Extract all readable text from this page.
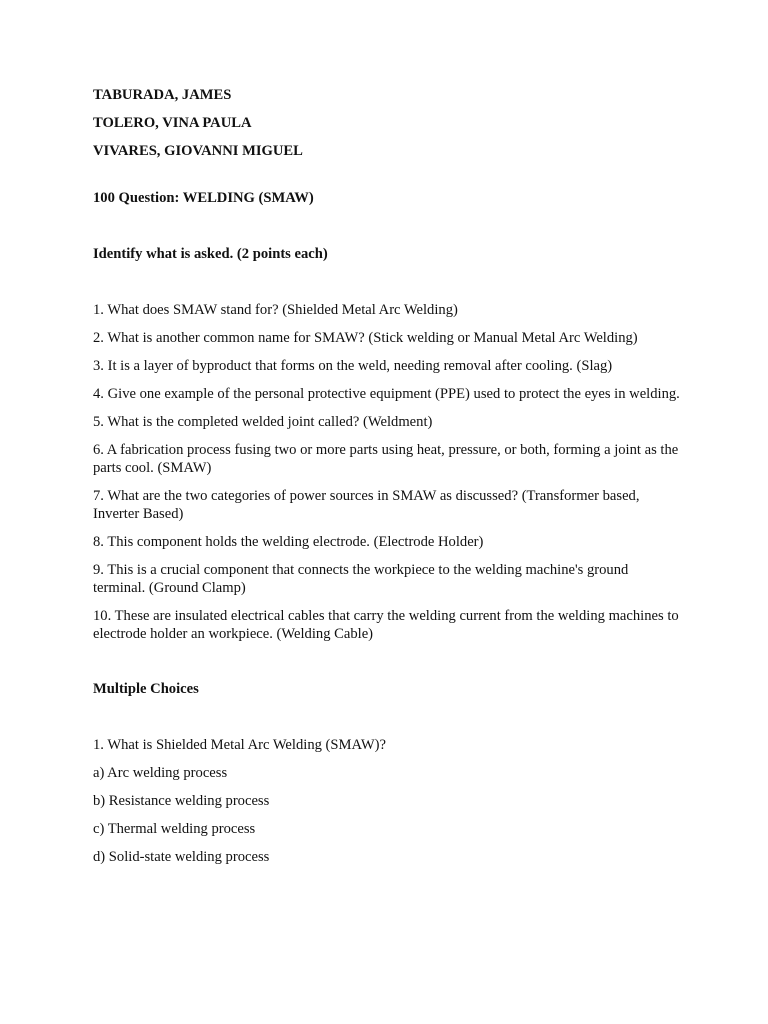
TABURADA, JAMES

TOLERO, VINA PAULA

VIVARES, GIOVANNI MIGUEL

100 Question: WELDING (SMAW)

Identify what is asked. (2 points each)

1. What does SMAW stand for? (Shielded Metal Arc Welding)
2. What is another common name for SMAW? (Stick welding or Manual Metal Arc Welding)
3. It is a layer of byproduct that forms on the weld, needing removal after cooling. (Slag)
4. Give one example of the personal protective equipment (PPE) used to protect the eyes in welding.
5. What is the completed welded joint called? (Weldment)
6. A fabrication process fusing two or more parts using heat, pressure, or both, forming a joint as the parts cool. (SMAW)
7. What are the two categories of power sources in SMAW as discussed? (Transformer based, Inverter Based)
8. This component holds the welding electrode. (Electrode Holder)
9. This is a crucial component that connects the workpiece to the welding machine's ground terminal. (Ground Clamp)
10. These are insulated electrical cables that carry the welding current from the welding machines to electrode holder an workpiece. (Welding Cable)

Multiple Choices

1. What is Shielded Metal Arc Welding (SMAW)?

a) Arc welding process
b) Resistance welding process
c) Thermal welding process
d) Solid-state welding process
